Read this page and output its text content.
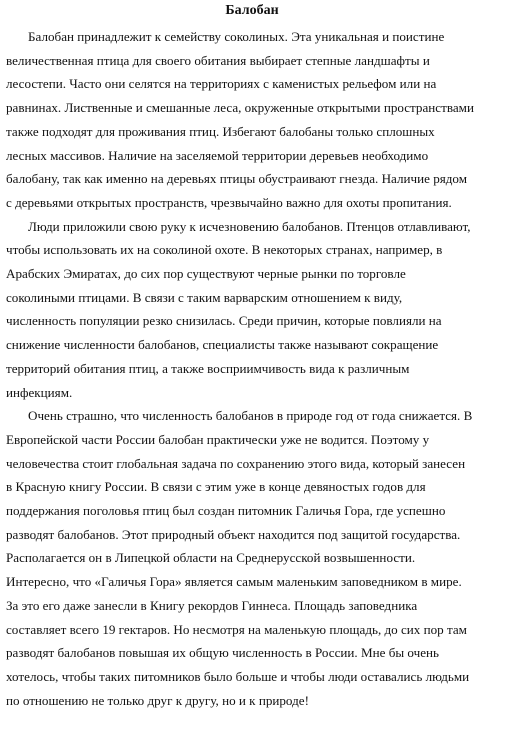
Балобан
Балобан принадлежит к семейству соколиных. Эта уникальная и поистине
величественная птица для своего обитания выбирает степные ландшафты и
лесостепи. Часто они селятся на территориях с каменистых рельефом или на
равнинах. Лиственные и смешанные леса, окруженные открытыми пространствами
также подходят для проживания птиц. Избегают балобаны только сплошных
лесных массивов. Наличие на заселяемой территории деревьев необходимо
балобану, так как именно на деревьях птицы обустраивают гнезда. Наличие рядом
с деревьями открытых пространств, чрезвычайно важно для охоты пропитания.
Люди приложили свою руку к исчезновению балобанов. Птенцов отлавливают,
чтобы использовать их на соколиной охоте. В некоторых странах, например, в
Арабских Эмиратах, до сих пор существуют черные рынки по торговле
соколиными птицами. В связи с таким варварским отношением к виду,
численность популяции резко снизилась. Среди причин, которые повлияли на
снижение численности балобанов, специалисты также называют сокращение
территорий обитания птиц, а также восприимчивость вида к различным
инфекциям.
Очень страшно, что численность балобанов в природе год от года снижается. В
Европейской части России балобан практически уже не водится. Поэтому у
человечества стоит глобальная задача по сохранению этого вида, который занесен
в Красную книгу России. В связи с этим уже в конце девяностых годов для
поддержания поголовья птиц был создан питомник Галичья Гора, где успешно
разводят балобанов. Этот природный объект находится под защитой государства.
Располагается он в Липецкой области на Среднерусской возвышенности.
Интересно, что «Галичья Гора» является самым маленьким заповедником в мире.
За это его даже занесли в Книгу рекордов Гиннеса. Площадь заповедника
составляет всего 19 гектаров. Но несмотря на маленькую площадь, до сих пор там
разводят балобанов повышая их общую численность в России. Мне бы очень
хотелось, чтобы таких питомников было больше и чтобы люди оставались людьми
по отношению не только друг к другу, но и к природе!
